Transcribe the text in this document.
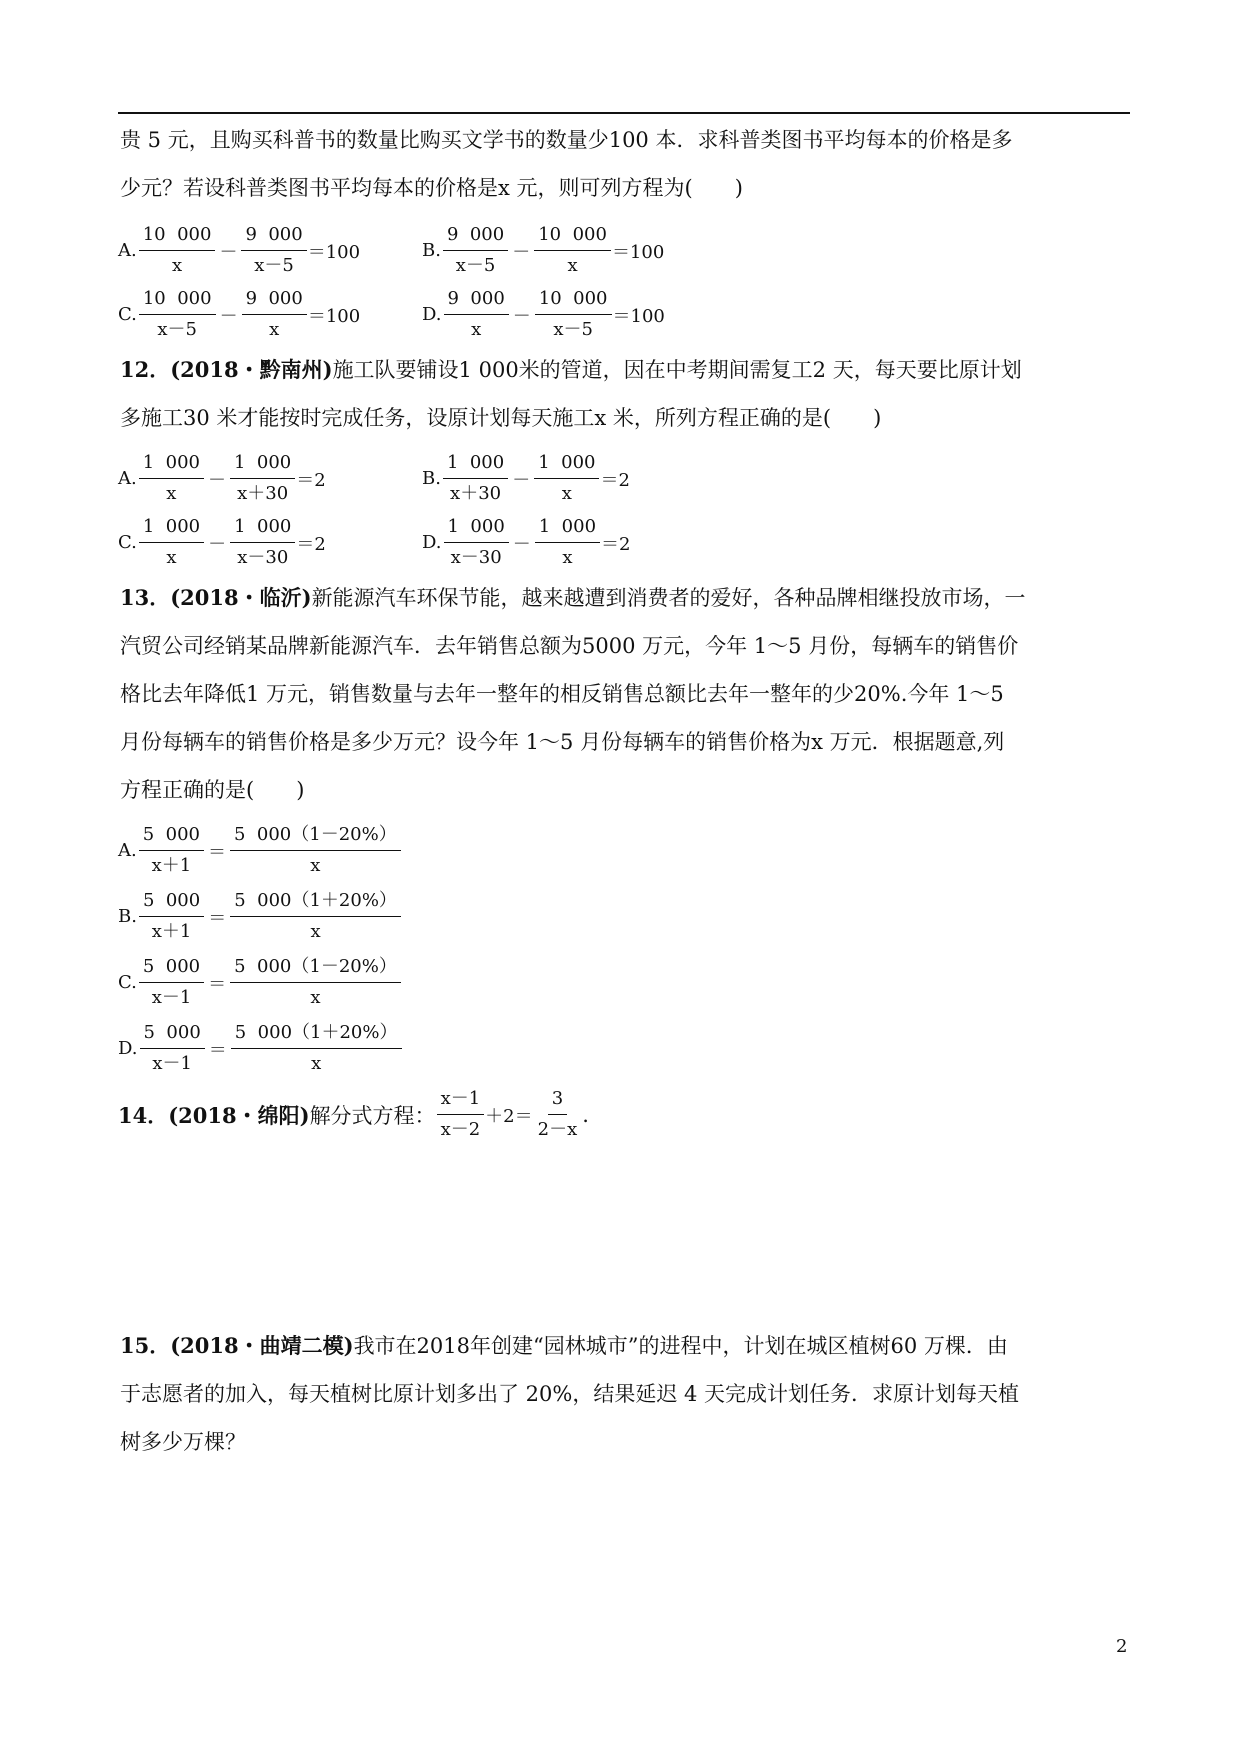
贵 5 元，且购买科普书的数量比购买文学书的数量少100 本．求科普类图书平均每本的价格是多
少元？若设科普类图书平均每本的价格是x 元，则可列方程为(　　)
A. $\frac{10 000}{x} - \frac{9 000}{x-5} =100$	B. $\frac{9 000}{x-5} - \frac{10 000}{x} =100$
C. $\frac{10 000}{x-5} - \frac{9 000}{x} =100$	D. $\frac{9 000}{x} - \frac{10 000}{x-5} =100$
12．(2018・黔南州)施工队要铺设1 000米的管道，因在中考期间需复工2 天，每天要比原计划
多施工30 米才能按时完成任务，设原计划每天施工x 米，所列方程正确的是(　　)
A. $\frac{1 000}{x} - \frac{1 000}{x+30} =2$	B. $\frac{1 000}{x+30} - \frac{1 000}{x} =2$
C. $\frac{1 000}{x} - \frac{1 000}{x-30} =2$	D. $\frac{1 000}{x-30} - \frac{1 000}{x} =2$
13．(2018・临沂)新能源汽车环保节能，越来越遭到消费者的爱好，各种品牌相继投放市场，一
汽贸公司经销某品牌新能源汽车．去年销售总额为5000 万元，今年 1～5 月份，每辆车的销售价
格比去年降低1 万元，销售数量与去年一整年的相反销售总额比去年一整年的少20%.今年 1～5
月份每辆车的销售价格是多少万元？设今年 1～5 月份每辆车的销售价格为x 万元．根据题意,列
方程正确的是(　　)
A. $\frac{5 000}{x+1} = \frac{5 000(1-20\%)}{x}$
B. $\frac{5 000}{x+1} = \frac{5 000(1+20\%)}{x}$
C. $\frac{5 000}{x-1} = \frac{5 000(1-20\%)}{x}$
D. $\frac{5 000}{x-1} = \frac{5 000(1+20\%)}{x}$
14． (2018・绵阳) 解分式方程： $\frac{x-1}{x-2} +2= \frac{3}{2-x}$ .
15．(2018・曲靖二模)我市在2018年创建“园林城市”的进程中，计划在城区植树60 万棵．由
于志愿者的加入，每天植树比原计划多出了 20%，结果延迟 4 天完成计划任务．求原计划每天植
树多少万棵？
2
